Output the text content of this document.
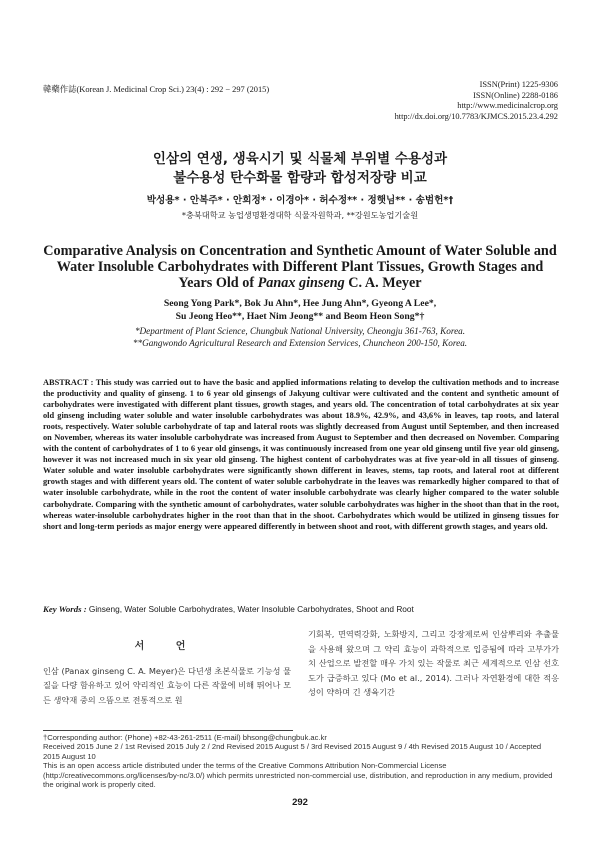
韓藥作誌(Korean J. Medicinal Crop Sci.) 23(4) : 292 − 297 (2015)
ISSN(Print) 1225-9306
ISSN(Online) 2288-0186
http://www.medicinalcrop.org
http://dx.doi.org/10.7783/KJMCS.2015.23.4.292
인삼의 연생, 생육시기 및 식물체 부위별 수용성과
불수용성 탄수화물 함량과 합성저장량 비교
박성용* · 안복주* · 안희정* · 이경아* · 허수정** · 정햇님** · 송범헌*†
*충북대학교 농업생명환경대학 식물자원학과, **강원도농업기술원
Comparative Analysis on Concentration and Synthetic Amount of Water Soluble and
Water Insoluble Carbohydrates with Different Plant Tissues, Growth Stages and
Years Old of Panax ginseng C. A. Meyer
Seong Yong Park*, Bok Ju Ahn*, Hee Jung Ahn*, Gyeong A Lee*,
Su Jeong Heo**, Haet Nim Jeong** and Beom Heon Song*†
*Department of Plant Science, Chungbuk National University, Cheongju 361-763, Korea.
**Gangwondo Agricultural Research and Extension Services, Chuncheon 200-150, Korea.
ABSTRACT : This study was carried out to have the basic and applied informations relating to develop the cultivation methods and to increase the productivity and quality of ginseng. 1 to 6 year old ginsengs of Jakyung cultivar were cultivated and the content and synthetic amount of carbohydrates were investigated with different plant tissues, growth stages, and years old. The concentration of total carbohydrates at six year old ginseng including water soluble and water insoluble carbohydrates was about 18.9%, 42.9%, and 43,6% in leaves, tap roots, and lateral roots, respectively. Water soluble carbohydrate of tap and lateral roots was slightly decreased from August until September, and then increased on November, whereas its water insoluble carbohydrate was increased from August to September and then decreased on November. Comparing with the content of carbohydrates of 1 to 6 year old ginsengs, it was continuously increased from one year old ginseng until five year old ginseng, however it was not increased much in six year old ginseng. The highest content of carbohydrates was at five year-old in all tissues of ginseng. Water soluble and water insoluble carbohydrates were significantly shown different in leaves, stems, tap roots, and lateral root at different growth stages and with different years old. The content of water soluble carbohydrate in the leaves was remarkedly higher compared to that of water insoluble carbohydrate, while in the root the content of water insoluble carbohydrate was clearly higher compared to the water soluble carbohydrate. Comparing with the synthetic amount of carbohydrates, water soluble carbohydrates was higher in the shoot than that in the root, whereas water-insoluble carbohydrates higher in the root than that in the shoot. Carbohydrates which would be utilized in ginseng tissues for short and long-term periods as major energy were appeared differently in between shoot and root, with different growth stages, and years old.
Key Words : Ginseng, Water Soluble Carbohydrates, Water Insoluble Carbohydrates, Shoot and Root
서 언
인삼 (Panax ginseng C. A. Meyer)은 다년생 초본식물로 기능성 물질을 다량 함유하고 있어 약리적인 효능이 다른 작물에 비해 뛰어나 모든 생약재 중의 으뜸으로 전통적으로 원
기회복, 면역력강화, 노화방지, 그리고 강장제로써 인삼뿌리와 추출물을 사용해 왔으며 그 약리 효능이 과학적으로 입증됨에 따라 고부가가치 산업으로 발전할 매우 가치 있는 작물로 최근 세계적으로 인삼 선호도가 급증하고 있다 (Mo et al., 2014). 그러나 자연환경에 대한 적응성이 약하며 긴 생육기간
†Corresponding author: (Phone) +82-43-261-2511 (E-mail) bhsong@chungbuk.ac.kr
Received 2015 June 2 / 1st Revised 2015 July 2 / 2nd Revised 2015 August 5 / 3rd Revised 2015 August 9 / 4th Revised 2015 August 10 / Accepted 2015 August 10
This is an open access article distributed under the terms of the Creative Commons Attribution Non-Commercial License (http://creativecommons.org/licenses/by-nc/3.0/) which permits unrestricted non-commercial use, distribution, and reproduction in any medium, provided the original work is properly cited.
292
